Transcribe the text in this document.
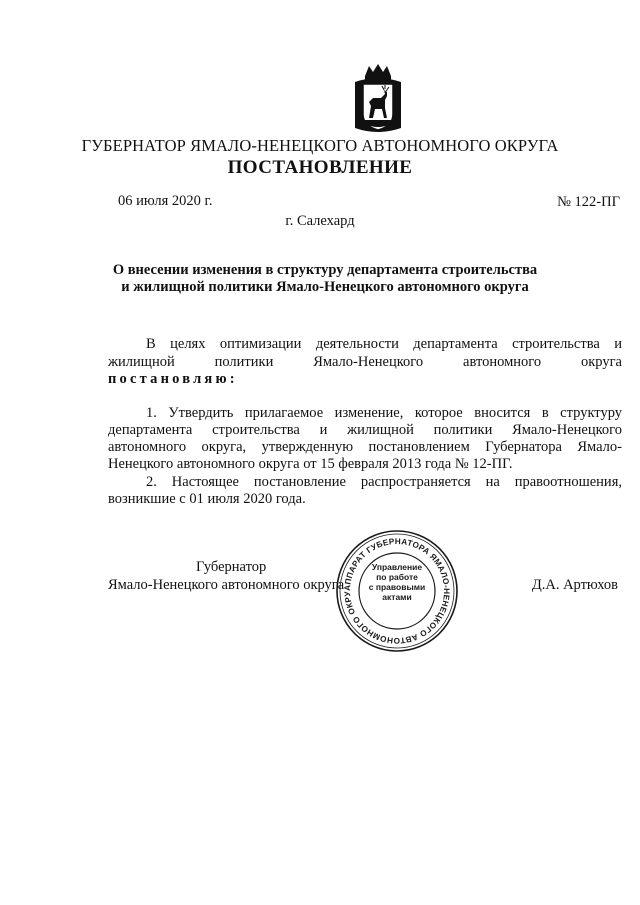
ГУБЕРНАТОР ЯМАЛО-НЕНЕЦКОГО АВТОНОМНОГО ОКРУГА
ПОСТАНОВЛЕНИЕ
06 июля 2020 г.	№ 122-ПГ
г. Салехард
О внесении изменения в структуру департамента строительства
и жилищной политики Ямало-Ненецкого автономного округа
В целях оптимизации деятельности департамента строительства и
жилищной политики Ямало-Ненецкого автономного округа
постановляю:
1. Утвердить прилагаемое изменение, которое вносится в структуру
департамента строительства и жилищной политики Ямало-Ненецкого
автономного округа, утвержденную постановлением Губернатора Ямало-
Ненецкого автономного округа от 15 февраля 2013 года № 12-ПГ.
2. Настоящее постановление распространяется на правоотношения,
возникшие с 01 июля 2020 года.
Губернатор
Ямало-Ненецкого автономного округа	Д.А. Артюхов
АППАРАТ ГУБЕРНАТОРА ЯМАЛО-НЕНЕЦКОГО АВТОНОМНОГО ОКРУ
Управление
по работе
с правовыми
актами
